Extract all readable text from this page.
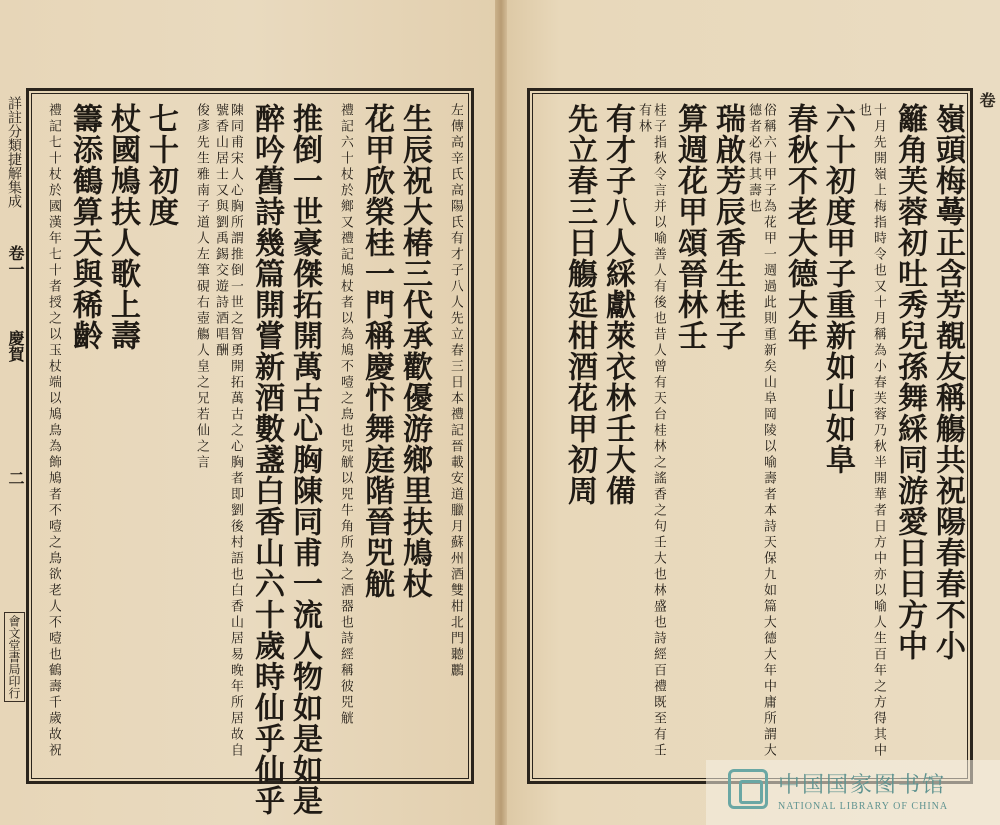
詳註分類捷解集成
卷一
慶賀
二
會文堂書局印行
卷
左傳高辛氏高陽氏有才子八人先立春三日本禮記晉載安道臘月蘇州酒雙柑北門聽鸝
生辰祝大椿三代承歡優游鄉里扶鳩杖
花甲欣榮桂一門稱慶忭舞庭階晉兕觥
禮記六十杖於鄉又禮記鳩杖者以為鳩不噎之鳥也兕觥以兕牛角所為之酒器也詩經稱彼兕觥
推倒一世豪傑拓開萬古心胸陳同甫一流人物如是如是
醉吟舊詩幾篇開嘗新酒數盞白香山六十歲時仙乎仙乎
陳同甫宋人心胸所謂推倒一世之智勇開拓萬古之心胸者即劉後村語也白香山居易晚年所居故自號香山居士又與劉禹錫交遊詩酒唱酬
俊彥先生雅南子道人左筆硯右壺觴人皇之兄若仙之言
七十初度
杖國鳩扶人歌上壽
籌添鶴算天與稀齡
禮記七十杖於國漢年七十者授之以玉杖端以鳩鳥為飾鳩者不噎之鳥欲老人不噎也鶴壽千歲故祝	嶺頭梅蕚正含芳覩友稱觴共祝陽春春不小
籬角芙蓉初吐秀兒孫舞綵同游愛日日方中
十月先開嶺上梅指時令也又十月稱為小春芙蓉乃秋半開華者日方中亦以喻人生百年之方得其中也
六十初度甲子重新如山如阜
春秋不老大德大年
俗稱六十甲子為花甲一週過此則重新矣山阜岡陵以喻壽者本詩天保九如篇大德大年中庸所謂大德者必得其壽也
瑞啟芳辰香生桂子
算週花甲頌晉林壬
桂子指秋令言并以喻善人有後也昔人曾有天台桂林之謠香之句壬大也林盛也詩經百禮既至有壬有林
有才子八人綵獻萊衣林壬大備
先立春三日觴延柑酒花甲初周
中国国家图书馆
NATIONAL LIBRARY OF CHINA
